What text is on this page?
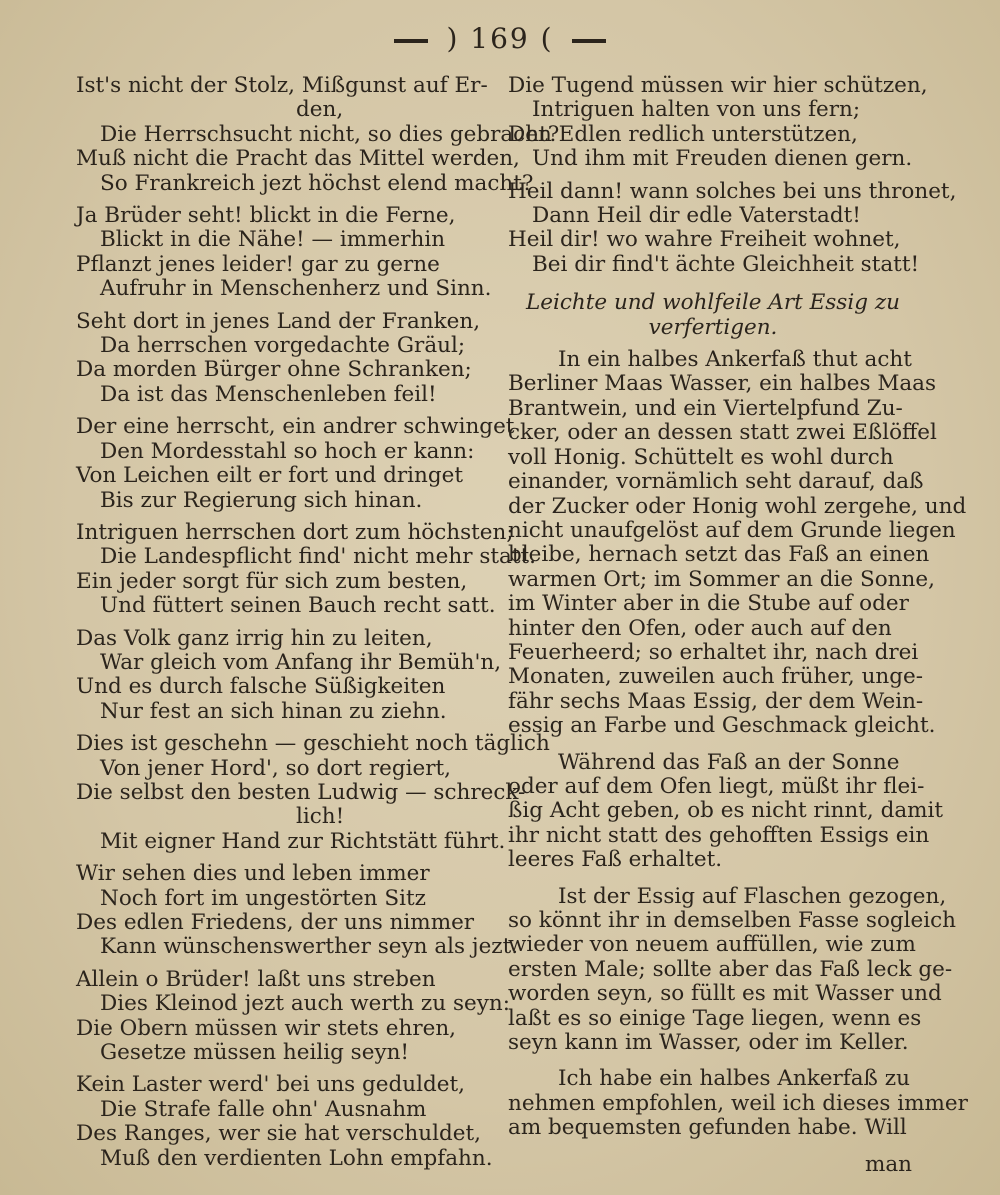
) 169 (
Ist's nicht der Stolz, Mißgunst auf Er-
den,
Die Herrschsucht nicht, so dies gebracht?
Muß nicht die Pracht das Mittel werden,
So Frankreich jezt höchst elend macht?
Ja Brüder seht! blickt in die Ferne,
Blickt in die Nähe! — immerhin
Pflanzt jenes leider! gar zu gerne
Aufruhr in Menschenherz und Sinn.
Seht dort in jenes Land der Franken,
Da herrschen vorgedachte Gräul;
Da morden Bürger ohne Schranken;
Da ist das Menschenleben feil!
Der eine herrscht, ein andrer schwinget
Den Mordesstahl so hoch er kann:
Von Leichen eilt er fort und dringet
Bis zur Regierung sich hinan.
Intriguen herrschen dort zum höchsten;
Die Landespflicht find' nicht mehr statt.
Ein jeder sorgt für sich zum besten,
Und füttert seinen Bauch recht satt.
Das Volk ganz irrig hin zu leiten,
War gleich vom Anfang ihr Bemüh'n,
Und es durch falsche Süßigkeiten
Nur fest an sich hinan zu ziehn.
Dies ist geschehn — geschieht noch täglich
Von jener Hord', so dort regiert,
Die selbst den besten Ludwig — schreck-
lich!
Mit eigner Hand zur Richtstätt führt.
Wir sehen dies und leben immer
Noch fort im ungestörten Sitz
Des edlen Friedens, der uns nimmer
Kann wünschenswerther seyn als jezt.
Allein o Brüder! laßt uns streben
Dies Kleinod jezt auch werth zu seyn:
Die Obern müssen wir stets ehren,
Gesetze müssen heilig seyn!
Kein Laster werd' bei uns geduldet,
Die Strafe falle ohn' Ausnahm
Des Ranges, wer sie hat verschuldet,
Muß den verdienten Lohn empfahn.
Die Tugend müssen wir hier schützen,
Intriguen halten von uns fern;
Den Edlen redlich unterstützen,
Und ihm mit Freuden dienen gern.
Heil dann! wann solches bei uns thronet,
Dann Heil dir edle Vaterstadt!
Heil dir! wo wahre Freiheit wohnet,
Bei dir find't ächte Gleichheit statt!
Leichte und wohlfeile Art Essig zu
verfertigen.
In ein halbes Ankerfaß thut acht
Berliner Maas Wasser, ein halbes Maas
Brantwein, und ein Viertelpfund Zu-
cker, oder an dessen statt zwei Eßlöffel
voll Honig. Schüttelt es wohl durch
einander, vornämlich seht darauf, daß
der Zucker oder Honig wohl zergehe, und
nicht unaufgelöst auf dem Grunde liegen
bleibe, hernach setzt das Faß an einen
warmen Ort; im Sommer an die Sonne,
im Winter aber in die Stube auf oder
hinter den Ofen, oder auch auf den
Feuerheerd; so erhaltet ihr, nach drei
Monaten, zuweilen auch früher, unge-
fähr sechs Maas Essig, der dem Wein-
essig an Farbe und Geschmack gleicht.
Während das Faß an der Sonne
oder auf dem Ofen liegt, müßt ihr flei-
ßig Acht geben, ob es nicht rinnt, damit
ihr nicht statt des gehofften Essigs ein
leeres Faß erhaltet.
Ist der Essig auf Flaschen gezogen,
so könnt ihr in demselben Fasse sogleich
wieder von neuem auffüllen, wie zum
ersten Male; sollte aber das Faß leck ge-
worden seyn, so füllt es mit Wasser und
laßt es so einige Tage liegen, wenn es
seyn kann im Wasser, oder im Keller.
Ich habe ein halbes Ankerfaß zu
nehmen empfohlen, weil ich dieses immer
am bequemsten gefunden habe. Will
man
